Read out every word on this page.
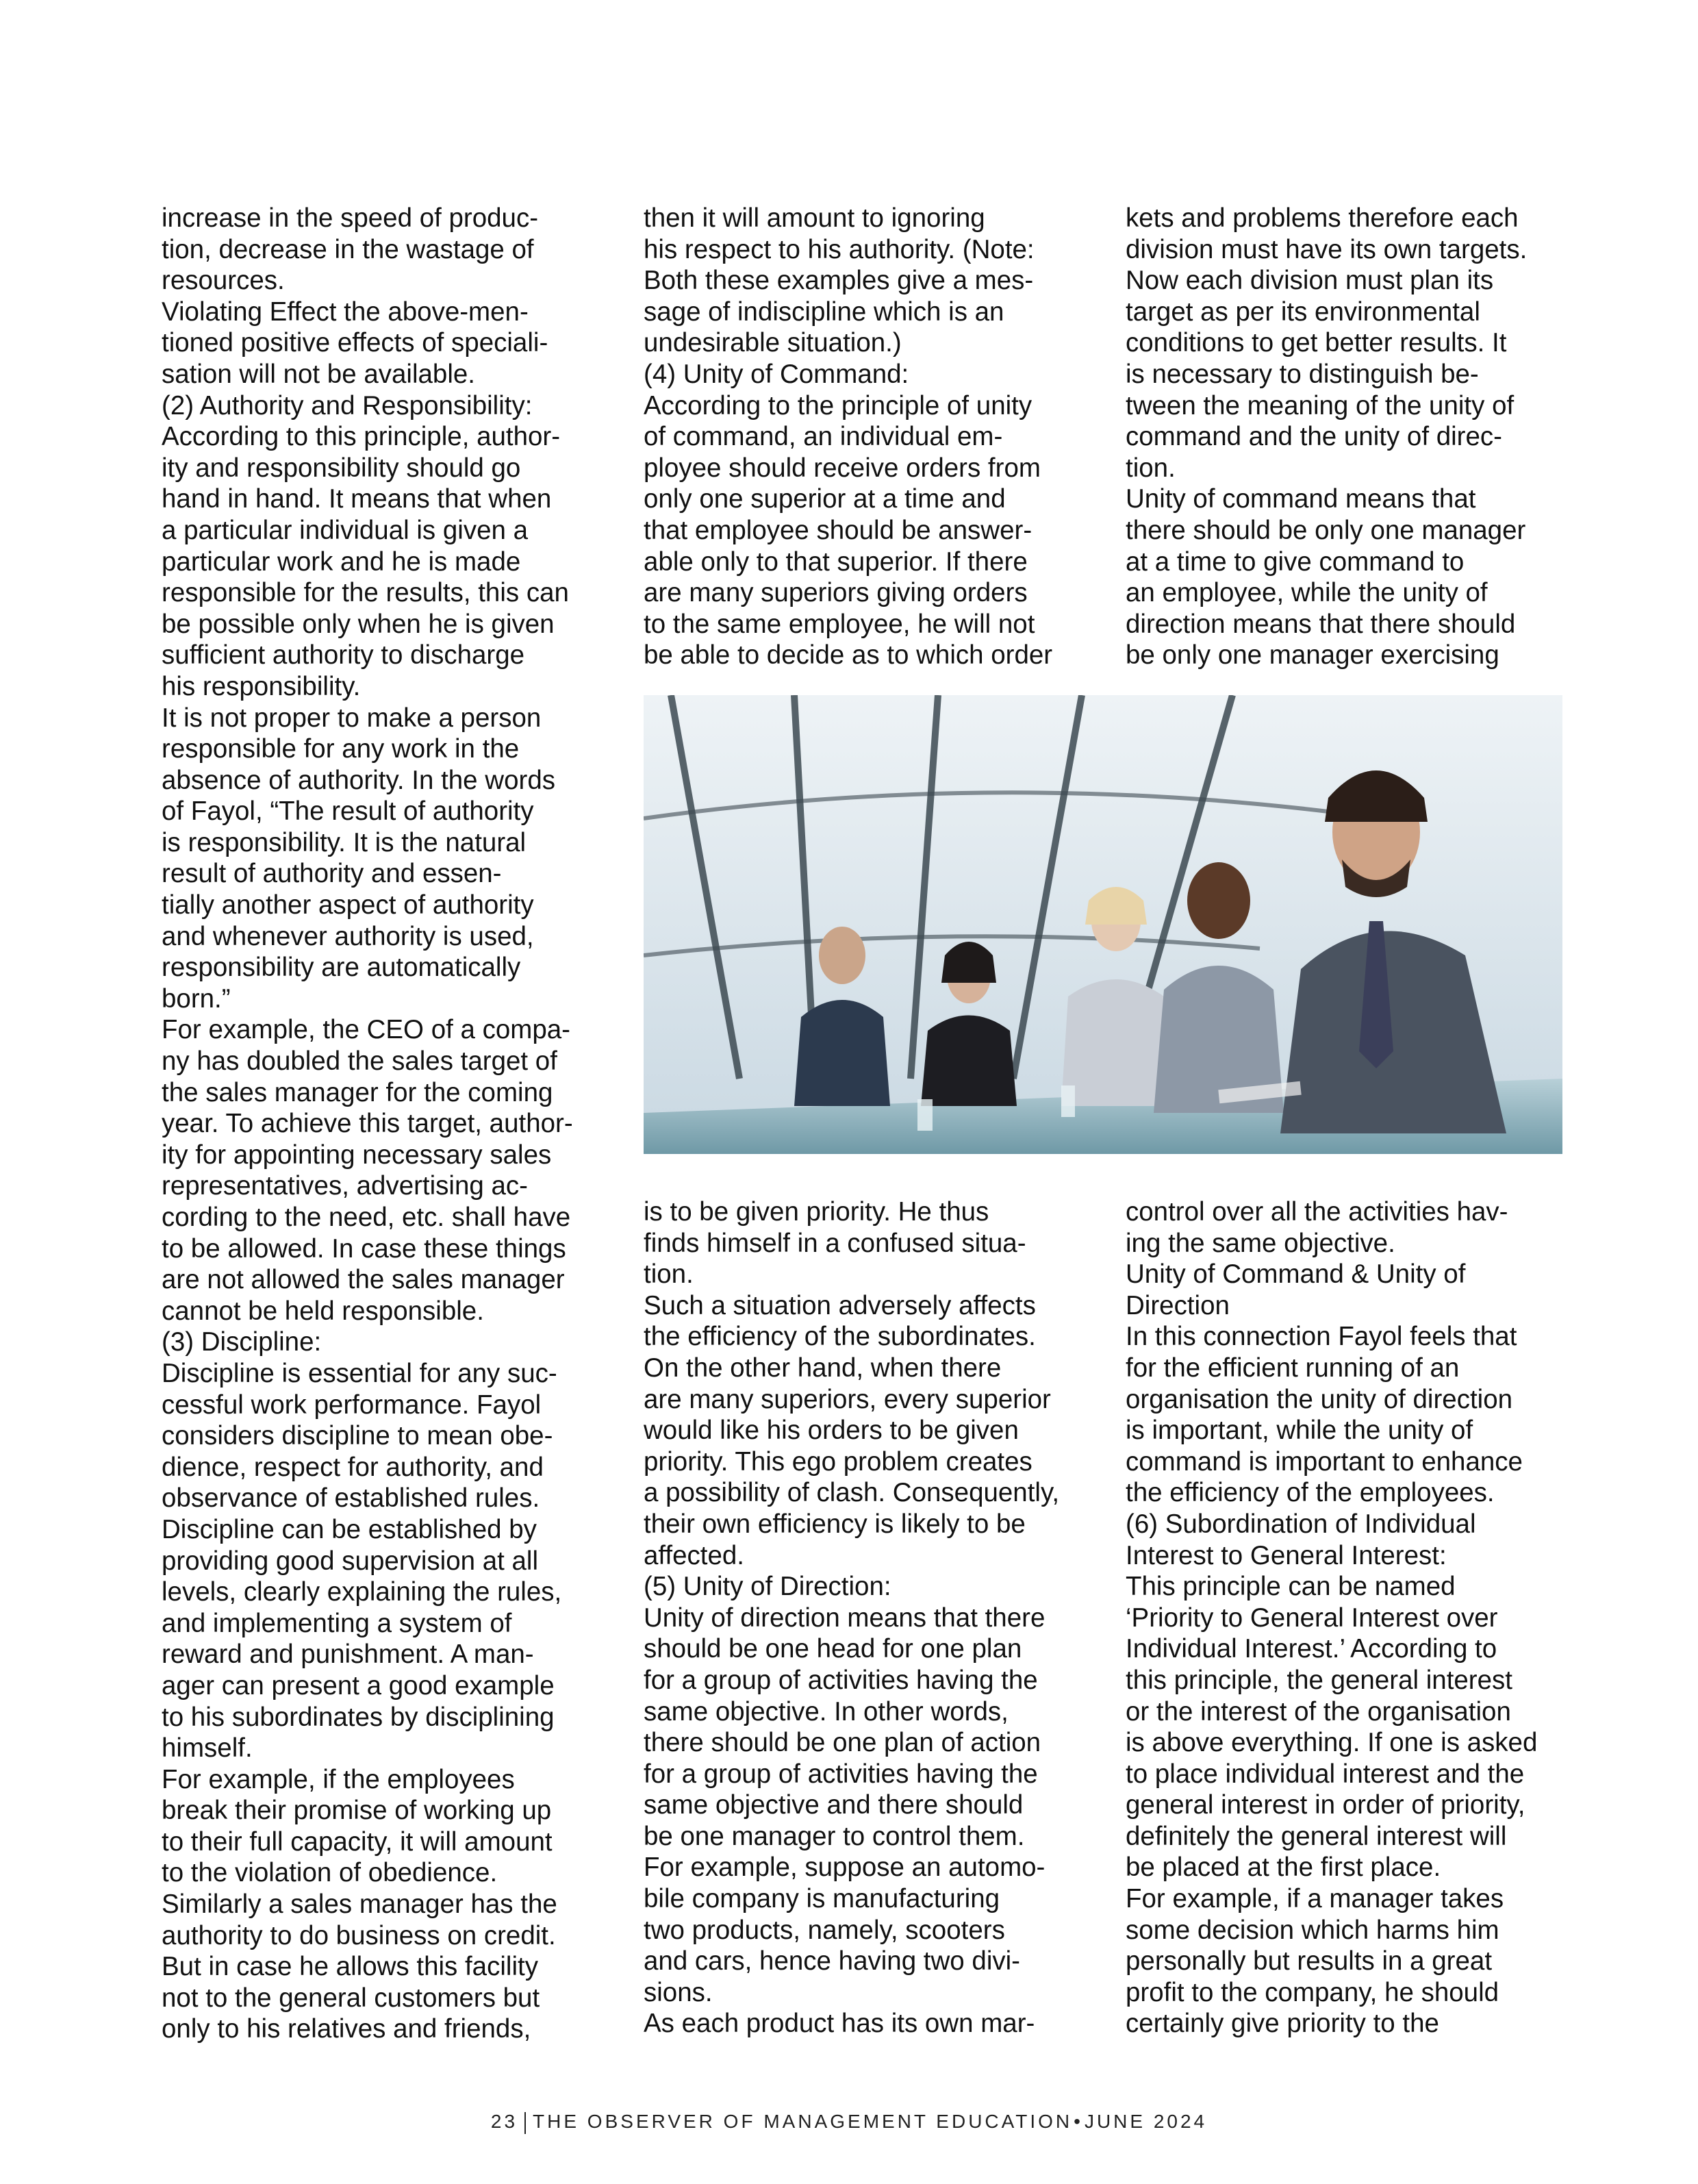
increase in the speed of produc-
tion, decrease in the wastage of
resources.
Violating Effect the above-men-
tioned positive effects of speciali-
sation will not be available.
(2) Authority and Responsibility:
According to this principle, author-
ity and responsibility should go
hand in hand. It means that when
a particular individual is given a
particular work and he is made
responsible for the results, this can
be possible only when he is given
sufficient authority to discharge
his responsibility.
It is not proper to make a person
responsible for any work in the
absence of authority. In the words
of Fayol, “The result of authority
is responsibility. It is the natural
result of authority and essen-
tially another aspect of authority
and whenever authority is used,
responsibility are automatically
born.”
For example, the CEO of a compa-
ny has doubled the sales target of
the sales manager for the coming
year. To achieve this target, author-
ity for appointing necessary sales
representatives, advertising ac-
cording to the need, etc. shall have
to be allowed. In case these things
are not allowed the sales manager
cannot be held responsible.
(3) Discipline:
Discipline is essential for any suc-
cessful work performance. Fayol
considers discipline to mean obe-
dience, respect for authority, and
observance of established rules.
Discipline can be established by
providing good supervision at all
levels, clearly explaining the rules,
and implementing a system of
reward and punishment. A man-
ager can present a good example
to his subordinates by disciplining
himself.
For example, if the employees
break their promise of working up
to their full capacity, it will amount
to the violation of obedience.
Similarly a sales manager has the
authority to do business on credit.
But in case he allows this facility
not to the general customers but
only to his relatives and friends,
then it will amount to ignoring
his respect to his authority. (Note:
Both these examples give a mes-
sage of indiscipline which is an
undesirable situation.)
(4) Unity of Command:
According to the principle of unity
of command, an individual em-
ployee should receive orders from
only one superior at a time and
that employee should be answer-
able only to that superior. If there
are many superiors giving orders
to the same employee, he will not
be able to decide as to which order
kets and problems therefore each
division must have its own targets.
Now each division must plan its
target as per its environmental
conditions to get better results. It
is necessary to distinguish be-
tween the meaning of the unity of
command and the unity of direc-
tion.
Unity of command means that
there should be only one manager
at a time to give command to
an employee, while the unity of
direction means that there should
be only one manager exercising
is to be given priority. He thus
finds himself in a confused situa-
tion.
Such a situation adversely affects
the efficiency of the subordinates.
On the other hand, when there
are many superiors, every superior
would like his orders to be given
priority. This ego problem creates
a possibility of clash. Consequently,
their own efficiency is likely to be
affected.
(5) Unity of Direction:
Unity of direction means that there
should be one head for one plan
for a group of activities having the
same objective. In other words,
there should be one plan of action
for a group of activities having the
same objective and there should
be one manager to control them.
For example, suppose an automo-
bile company is manufacturing
two products, namely, scooters
and cars, hence having two divi-
sions.
As each product has its own mar-
control over all the activities hav-
ing the same objective.
Unity of Command & Unity of
Direction
In this connection Fayol feels that
for the efficient running of an
organisation the unity of direction
is important, while the unity of
command is important to enhance
the efficiency of the employees.
(6) Subordination of Individual
Interest to General Interest:
This principle can be named
‘Priority to General Interest over
Individual Interest.’ According to
this principle, the general interest
or the interest of the organisation
is above everything. If one is asked
to place individual interest and the
general interest in order of priority,
definitely the general interest will
be placed at the first place.
For example, if a manager takes
some decision which harms him
personally but results in a great
profit to the company, he should
certainly give priority to the
23 THE OBSERVER OF MANAGEMENT EDUCATION•JUNE 2024
